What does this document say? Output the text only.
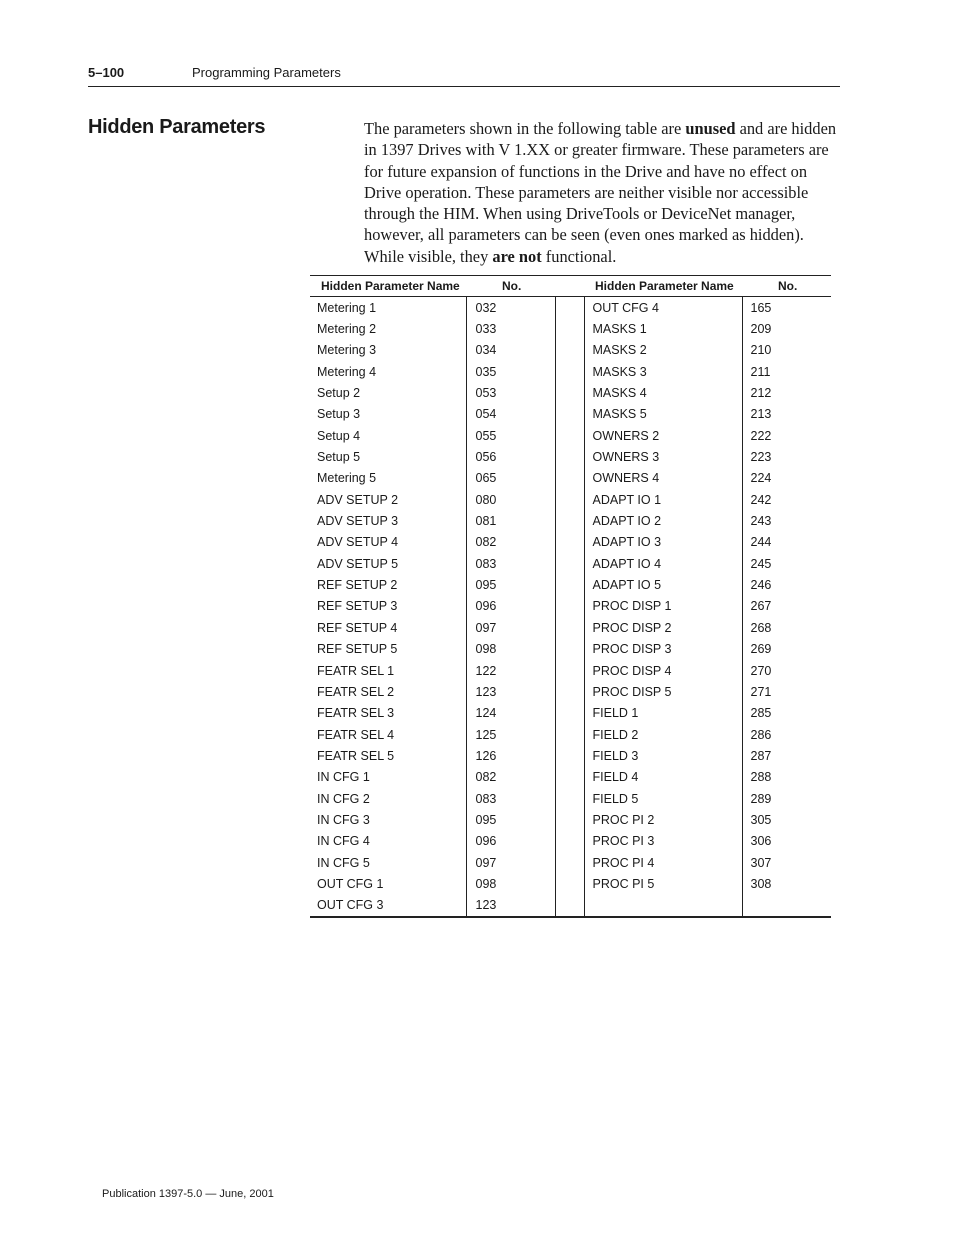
5–100	Programming Parameters
Hidden Parameters	The parameters shown in the following table are unused and are hidden in 1397 Drives with V 1.XX or greater firmware. These parameters are for future expansion of functions in the Drive and have no effect on Drive operation. These parameters are neither visible nor accessible through the HIM. When using DriveTools or DeviceNet manager, however, all parameters can be seen (even ones marked as hidden). While visible, they are not functional.

Hidden Parameter Name	No.			Hidden Parameter Name	No.
Metering 1	032			OUT CFG 4	165
Metering 2	033			MASKS 1	209
Metering 3	034			MASKS 2	210
Metering 4	035			MASKS 3	211
Setup 2	053			MASKS 4	212
Setup 3	054			MASKS 5	213
Setup 4	055			OWNERS 2	222
Setup 5	056			OWNERS 3	223
Metering 5	065			OWNERS 4	224
ADV SETUP 2	080			ADAPT IO 1	242
ADV SETUP 3	081			ADAPT IO 2	243
ADV SETUP 4	082			ADAPT IO 3	244
ADV SETUP 5	083			ADAPT IO 4	245
REF SETUP 2	095			ADAPT IO 5	246
REF SETUP 3	096			PROC DISP 1	267
REF SETUP 4	097			PROC DISP 2	268
REF SETUP 5	098			PROC DISP 3	269
FEATR SEL 1	122			PROC DISP 4	270
FEATR SEL 2	123			PROC DISP 5	271
FEATR SEL 3	124			FIELD 1	285
FEATR SEL 4	125			FIELD 2	286
FEATR SEL 5	126			FIELD 3	287
IN CFG 1	082			FIELD 4	288
IN CFG 2	083			FIELD 5	289
IN CFG 3	095			PROC PI 2	305
IN CFG 4	096			PROC PI 3	306
IN CFG 5	097			PROC PI 4	307
OUT CFG 1	098			PROC PI 5	308
OUT CFG 3	123				
Publication 1397-5.0 — June, 2001
